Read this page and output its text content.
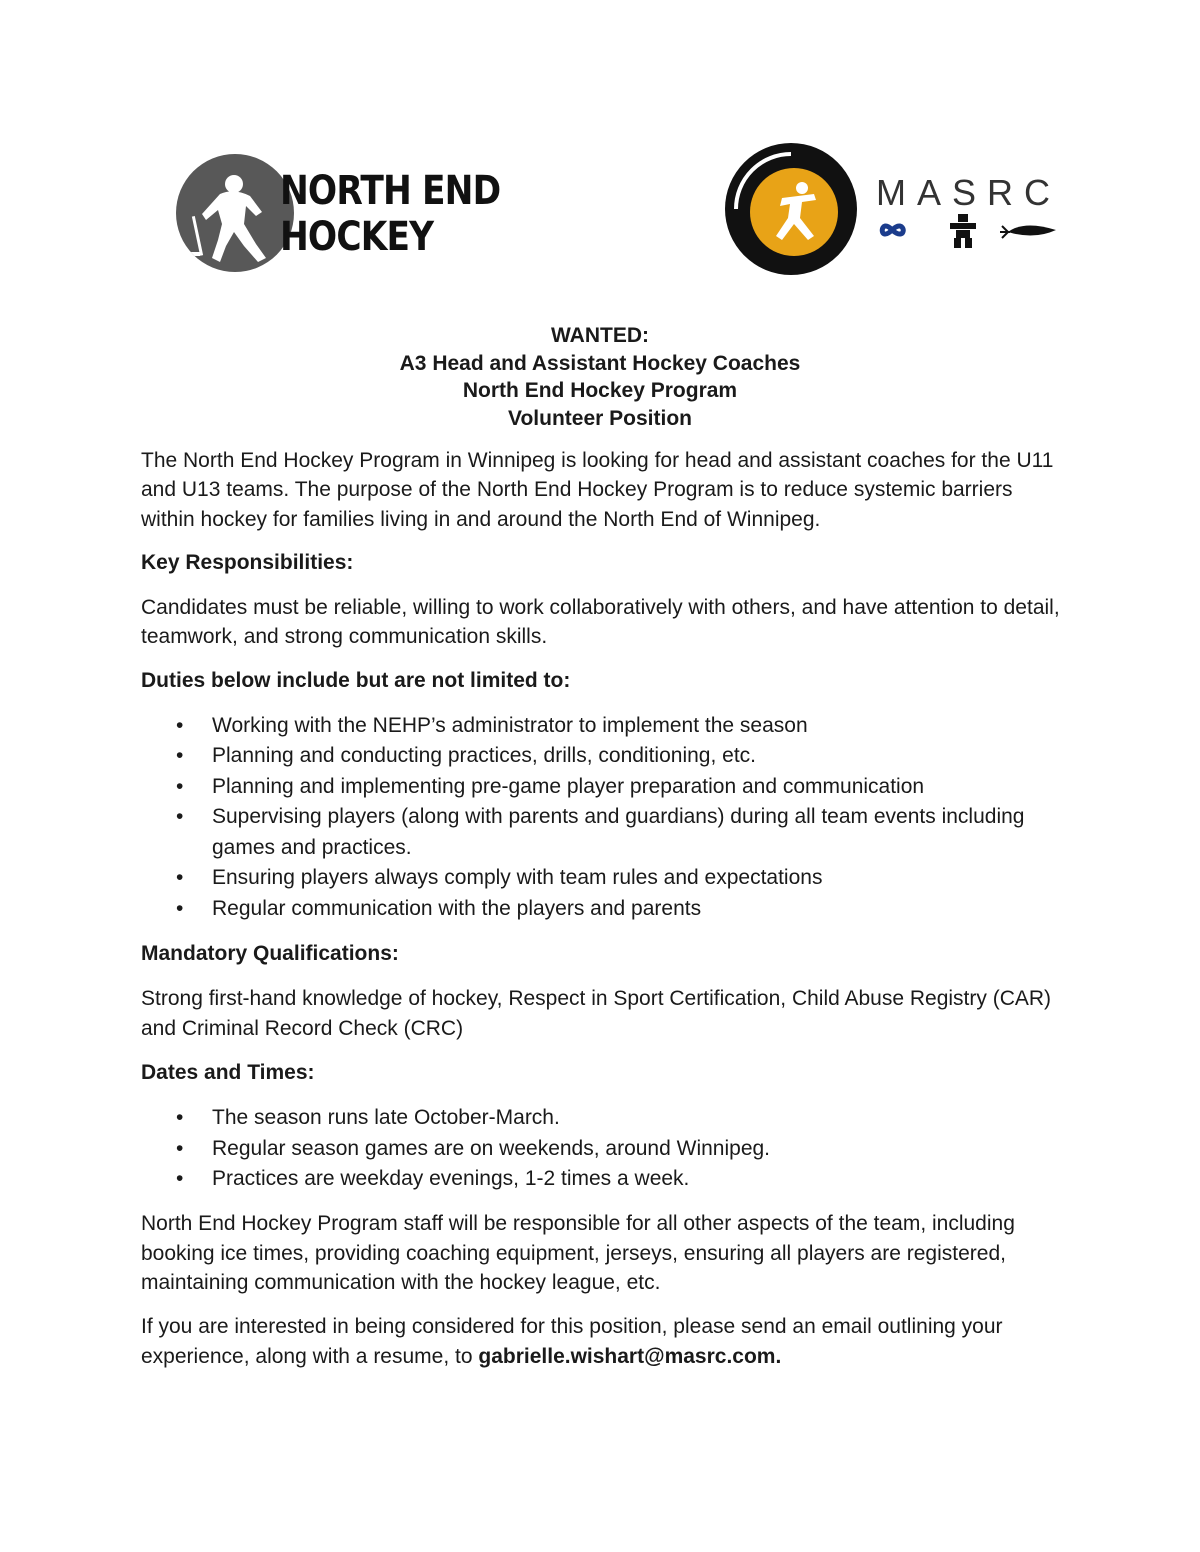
NORTH END
HOCKEY
MASRC
WANTED:
A3 Head and Assistant Hockey Coaches
North End Hockey Program
Volunteer Position

The North End Hockey Program in Winnipeg is looking for head and assistant coaches for the U11 and U13 teams. The purpose of the North End Hockey Program is to reduce systemic barriers within hockey for families living in and around the North End of Winnipeg.

Key Responsibilities:

Candidates must be reliable, willing to work collaboratively with others, and have attention to detail, teamwork, and strong communication skills.

Duties below include but are not limited to:

• Working with the NEHP’s administrator to implement the season
• Planning and conducting practices, drills, conditioning, etc.
• Planning and implementing pre-game player preparation and communication
• Supervising players (along with parents and guardians) during all team events including games and practices.
• Ensuring players always comply with team rules and expectations
• Regular communication with the players and parents

Mandatory Qualifications:

Strong first-hand knowledge of hockey, Respect in Sport Certification, Child Abuse Registry (CAR) and Criminal Record Check (CRC)

Dates and Times:

• The season runs late October-March.
• Regular season games are on weekends, around Winnipeg.
• Practices are weekday evenings, 1-2 times a week.

North End Hockey Program staff will be responsible for all other aspects of the team, including booking ice times, providing coaching equipment, jerseys, ensuring all players are registered, maintaining communication with the hockey league, etc.

If you are interested in being considered for this position, please send an email outlining your experience, along with a resume, to gabrielle.wishart@masrc.com.
